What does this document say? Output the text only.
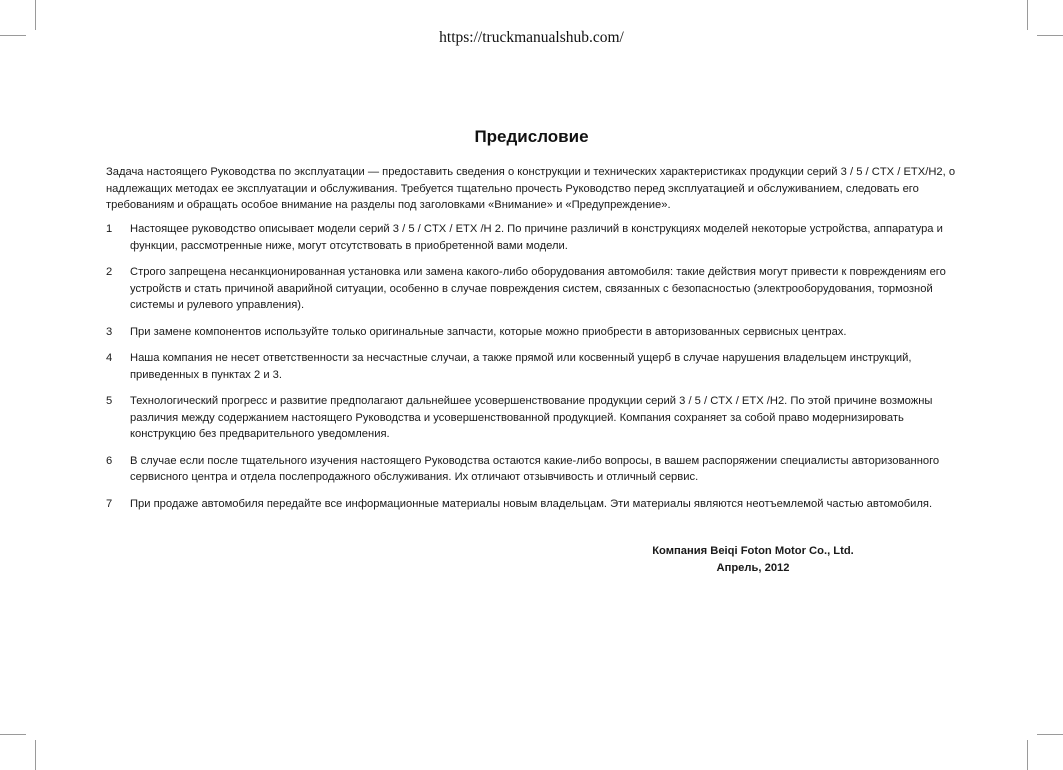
https://truckmanualshub.com/
Предисловие

Задача настоящего Руководства по эксплуатации — предоставить сведения о конструкции и технических характеристиках продукции серий 3 / 5 / CTX / ETX/H2, о надлежащих методах ее эксплуатации и обслуживания. Требуется тщательно прочесть Руководство перед эксплуатацией и обслуживанием, следовать его требованиям и обращать особое внимание на разделы под заголовками «Внимание» и «Предупреждение».

1 Настоящее руководство описывает модели серий 3 / 5 / CTX / ETX /H 2. По причине различий в конструкциях моделей некоторые устройства, аппаратура и функции, рассмотренные ниже, могут отсутствовать в приобретенной вами модели.
2 Строго запрещена несанкционированная установка или замена какого-либо оборудования автомобиля: такие действия могут привести к повреждениям его устройств и стать причиной аварийной ситуации, особенно в случае повреждения систем, связанных с безопасностью (электрооборудования, тормозной системы и рулевого управления).
3 При замене компонентов используйте только оригинальные запчасти, которые можно приобрести в авторизованных сервисных центрах.
4 Наша компания не несет ответственности за несчастные случаи, а также прямой или косвенный ущерб в случае нарушения владельцем инструкций, приведенных в пунктах 2 и 3.
5 Технологический прогресс и развитие предполагают дальнейшее усовершенствование продукции серий 3 / 5 / CTX / ETX /H2. По этой причине возможны различия между содержанием настоящего Руководства и усовершенствованной продукцией. Компания сохраняет за собой право модернизировать конструкцию без предварительного уведомления.
6 В случае если после тщательного изучения настоящего Руководства остаются какие-либо вопросы, в вашем распоряжении специалисты авторизованного сервисного центра и отдела послепродажного обслуживания. Их отличают отзывчивость и отличный сервис.
7 При продаже автомобиля передайте все информационные материалы новым владельцам. Эти материалы являются неотъемлемой частью автомобиля.
Компания Beiqi Foton Motor Co., Ltd.
Апрель, 2012
